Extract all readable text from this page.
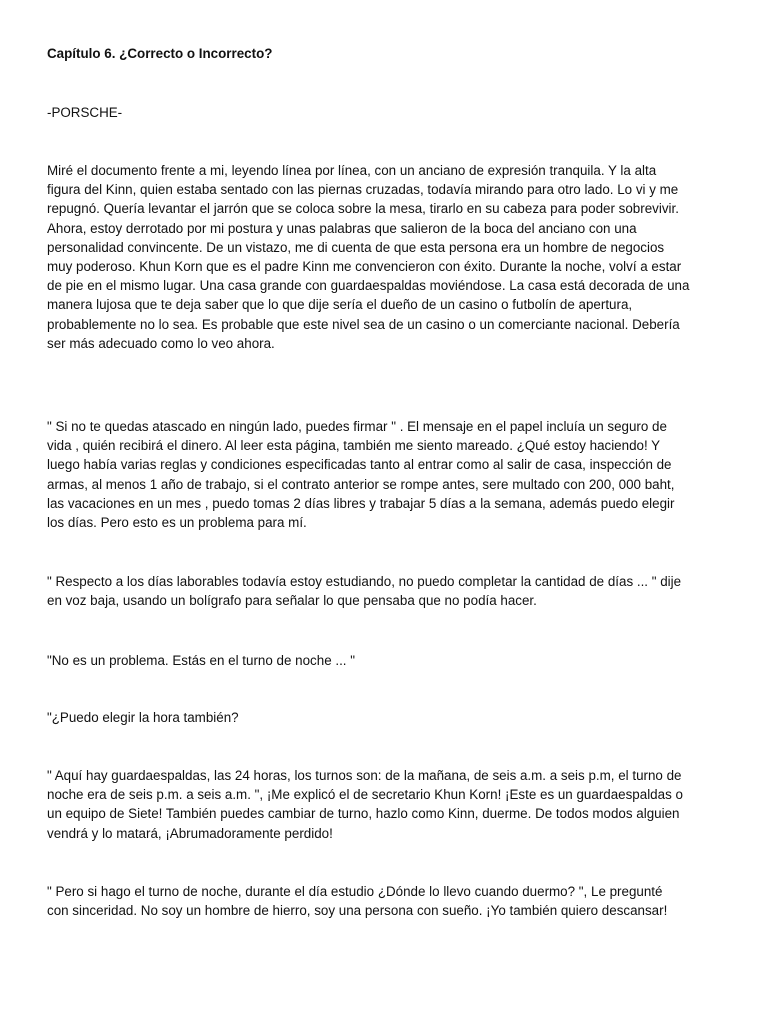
Capítulo 6. ¿Correcto o Incorrecto?

-PORSCHE-

Miré el documento frente a mi, leyendo línea por línea, con un anciano de expresión tranquila. Y la alta
figura del Kinn, quien estaba sentado con las piernas cruzadas, todavía mirando para otro lado. Lo vi y me
repugnó. Quería levantar el jarrón que se coloca sobre la mesa, tirarlo en su cabeza para poder sobrevivir.
Ahora, estoy derrotado por mi postura y unas palabras que salieron de la boca del anciano con una
personalidad convincente. De un vistazo, me di cuenta de que esta persona era un hombre de negocios
muy poderoso. Khun Korn que es el padre Kinn me convencieron con éxito. Durante la noche, volví a estar
de pie en el mismo lugar. Una casa grande con guardaespaldas moviéndose. La casa está decorada de una
manera lujosa que te deja saber que lo que dije sería el dueño de un casino o futbolín de apertura,
probablemente no lo sea. Es probable que este nivel sea de un casino o un comerciante nacional. Debería
ser más adecuado como lo veo ahora.

" Si no te quedas atascado en ningún lado, puedes firmar " . El mensaje en el papel incluía un seguro de
vida , quién recibirá el dinero. Al leer esta página, también me siento mareado. ¿Qué estoy haciendo! Y
luego había varias reglas y condiciones especificadas tanto al entrar como al salir de casa, inspección de
armas, al menos 1 año de trabajo, si el contrato anterior se rompe antes, sere multado con 200, 000 baht,
las vacaciones en un mes , puedo tomas 2 días libres y trabajar 5 días a la semana, además puedo elegir
los días. Pero esto es un problema para mí.

" Respecto a los días laborables todavía estoy estudiando, no puedo completar la cantidad de días ... " dije
en voz baja, usando un bolígrafo para señalar lo que pensaba que no podía hacer.

"No es un problema. Estás en el turno de noche ... "

"¿Puedo elegir la hora también?

" Aquí hay guardaespaldas, las 24 horas, los turnos son: de la mañana, de seis a.m. a seis p.m, el turno de
noche era de seis p.m. a seis a.m. ", ¡Me explicó el de secretario Khun Korn! ¡Este es un guardaespaldas o
un equipo de Siete! También puedes cambiar de turno, hazlo como Kinn, duerme. De todos modos alguien
vendrá y lo matará, ¡Abrumadoramente perdido!

" Pero si hago el turno de noche, durante el día estudio ¿Dónde lo llevo cuando duermo? ", Le pregunté
con sinceridad. No soy un hombre de hierro, soy una persona con sueño. ¡Yo también quiero descansar!
